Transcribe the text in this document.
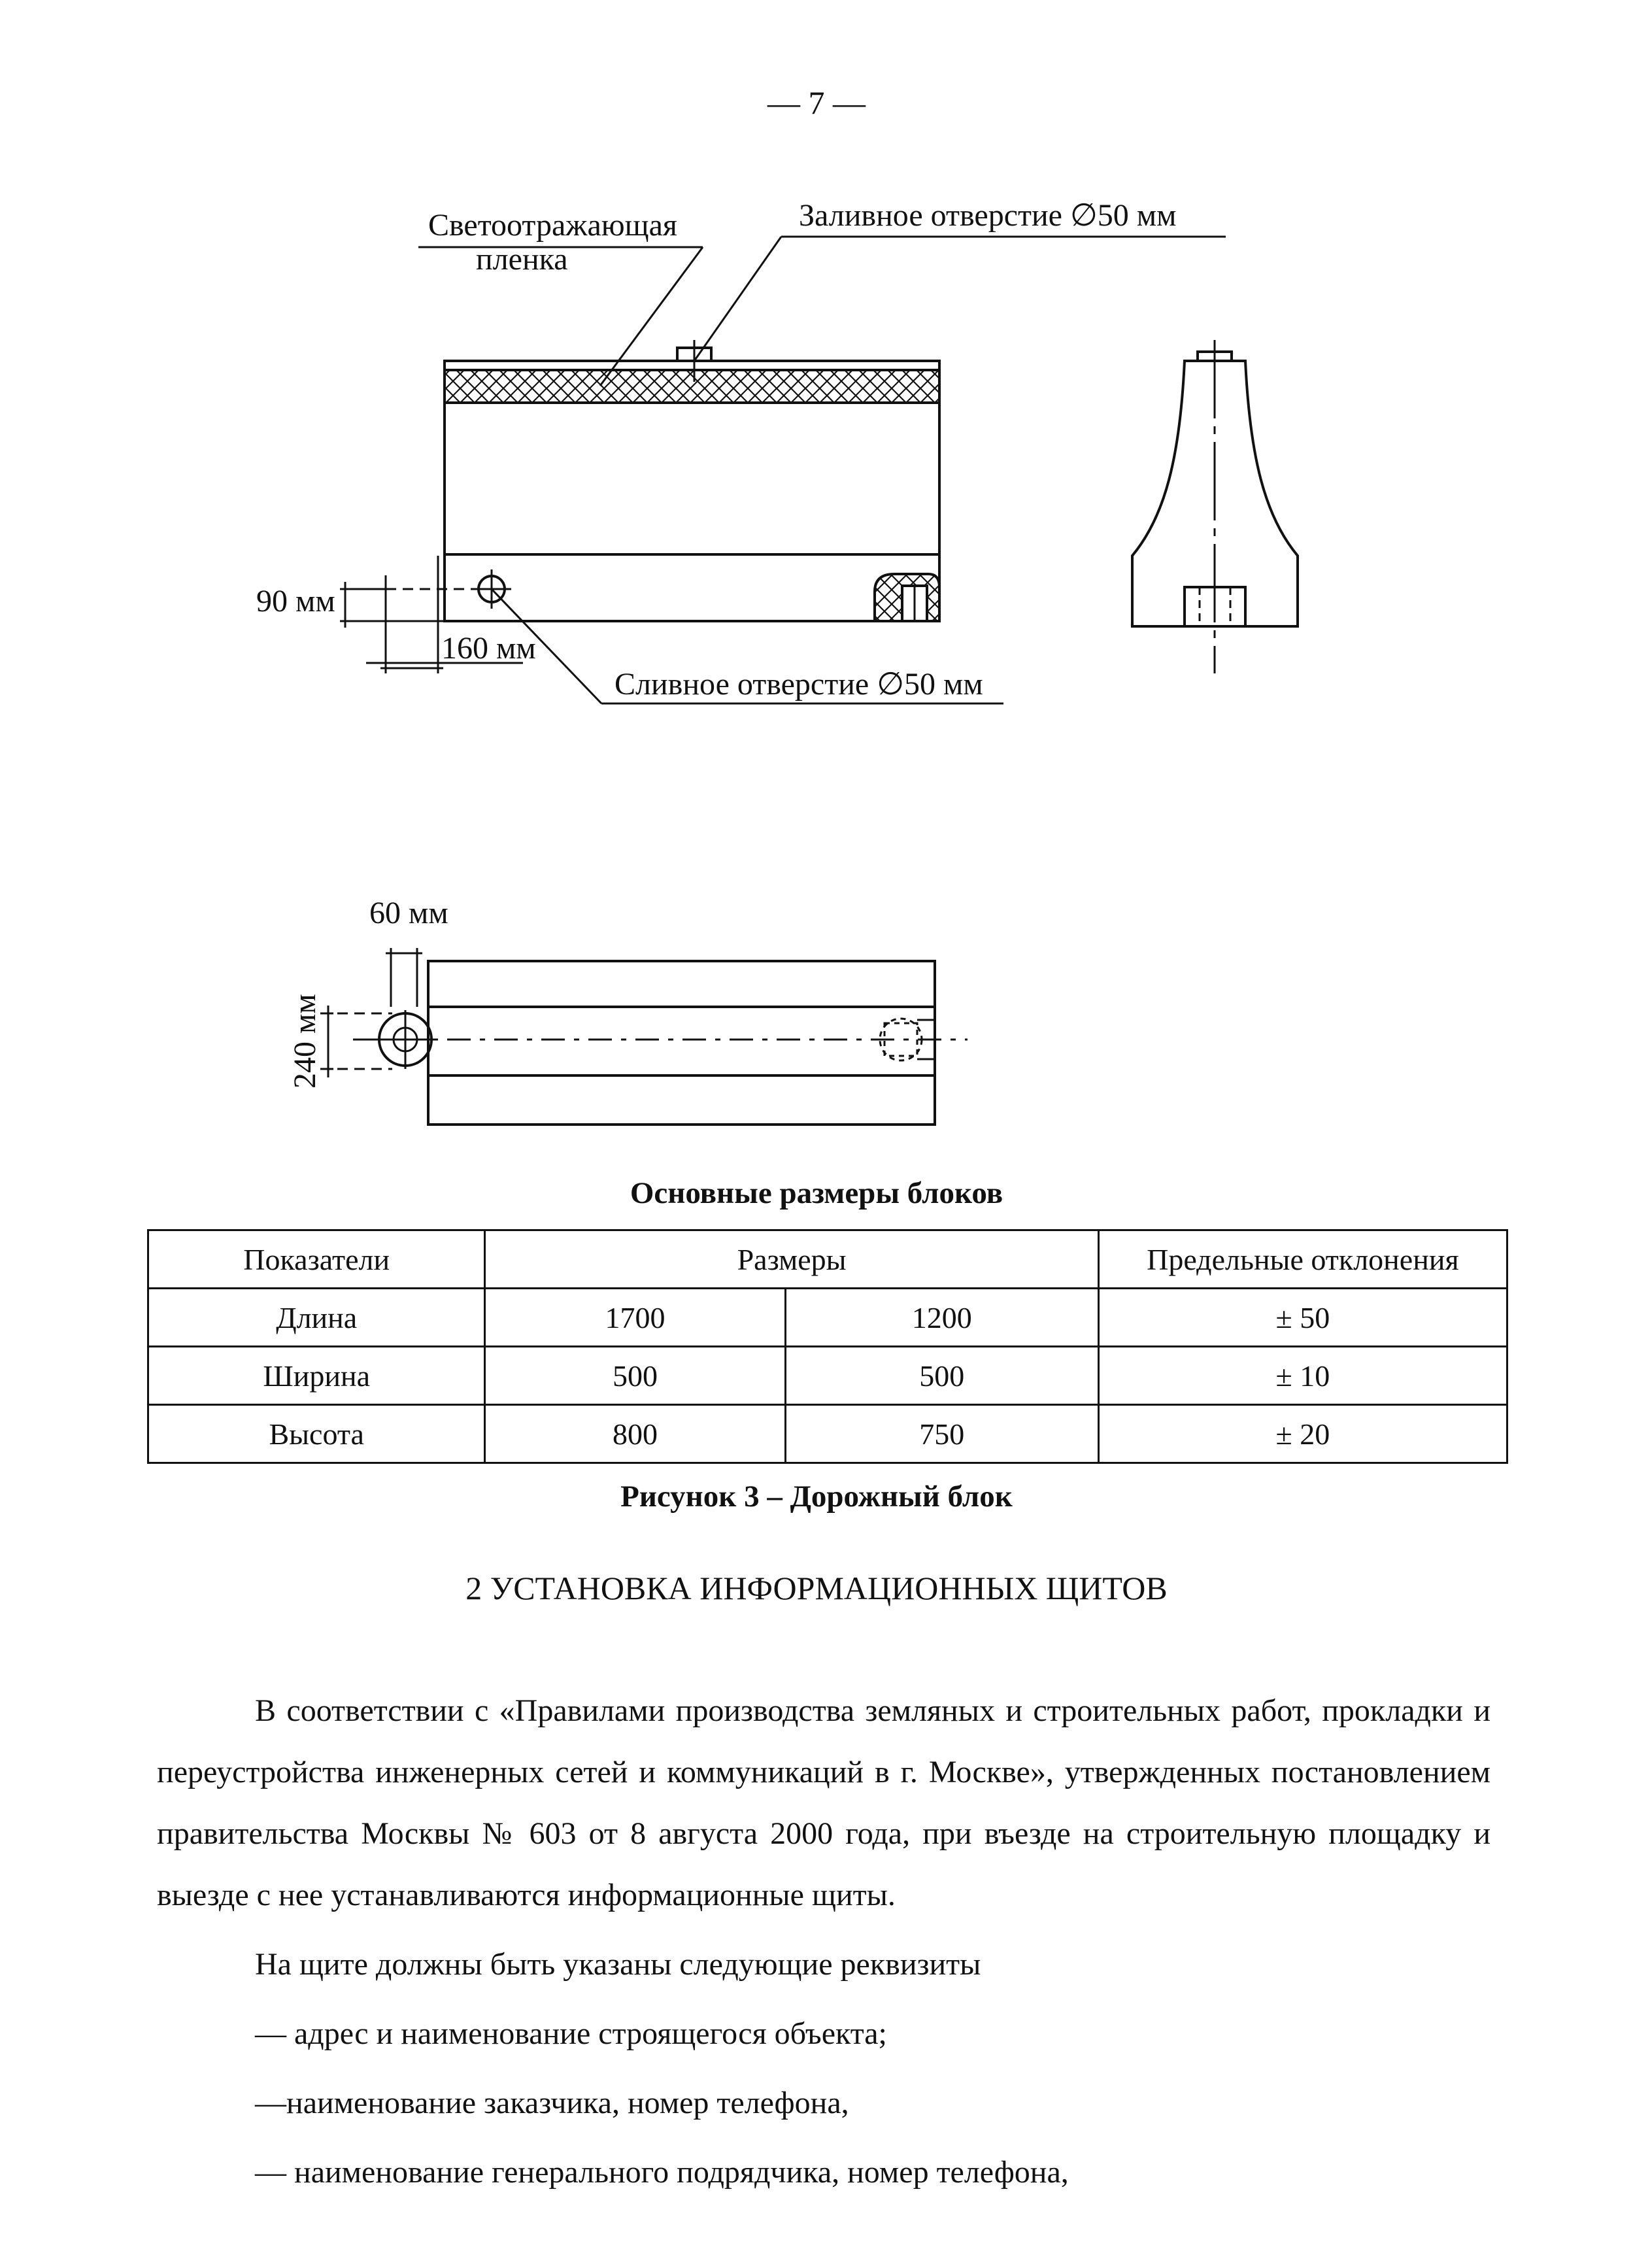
— 7 —
90 мм
160 мм
Светоотражающая
пленка
Заливное отверстие ∅50 мм
Сливное отверстие ∅50 мм
60 мм
240 мм
Основные размеры блоков
Показатели	Размеры		Предельные отклонения
Длина	1700	1200	± 50
Ширина	500	500	± 10
Высота	800	750	± 20
Рисунок 3 – Дорожный блок
2 УСТАНОВКА ИНФОРМАЦИОННЫХ ЩИТОВ

В соответствии с «Правилами производства земляных и строительных работ, прокладки и переустройства инженерных сетей и коммуникаций в г. Москве», утвержденных постановлением правительства Москвы № 603 от 8 августа 2000 года, при въезде на строительную площадку и выезде с нее устанавливаются информационные щиты.

На щите должны быть указаны следующие реквизиты

— адрес и наименование строящегося объекта;

—наименование заказчика, номер телефона,

— наименование генерального подрядчика, номер телефона,
